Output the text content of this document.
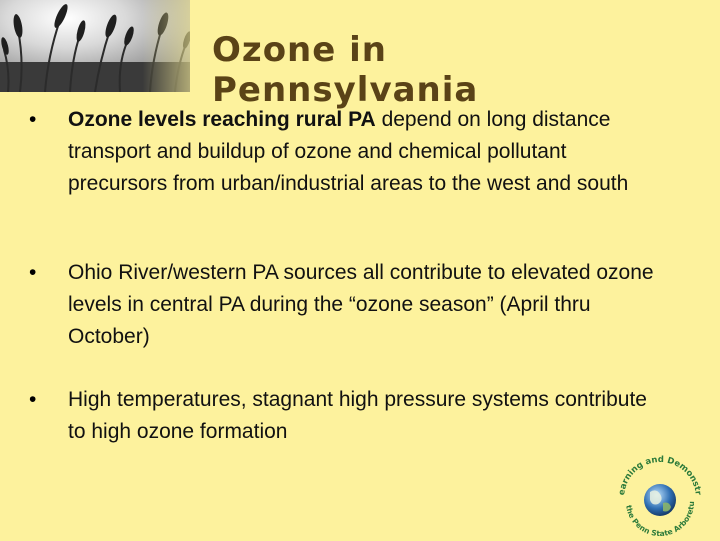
Ozone in Pennsylvania
• Ozone levels reaching rural PA depend on long distance transport and buildup of ozone and chemical pollutant precursors from urban/industrial areas to the west and south
• Ohio River/western PA sources all contribute to elevated ozone levels in central PA during the “ozone season” (April thru October)
• High temperatures, stagnant high pressure systems contribute to high ozone formation
earning and Demonstr
the Penn State Arboretu
